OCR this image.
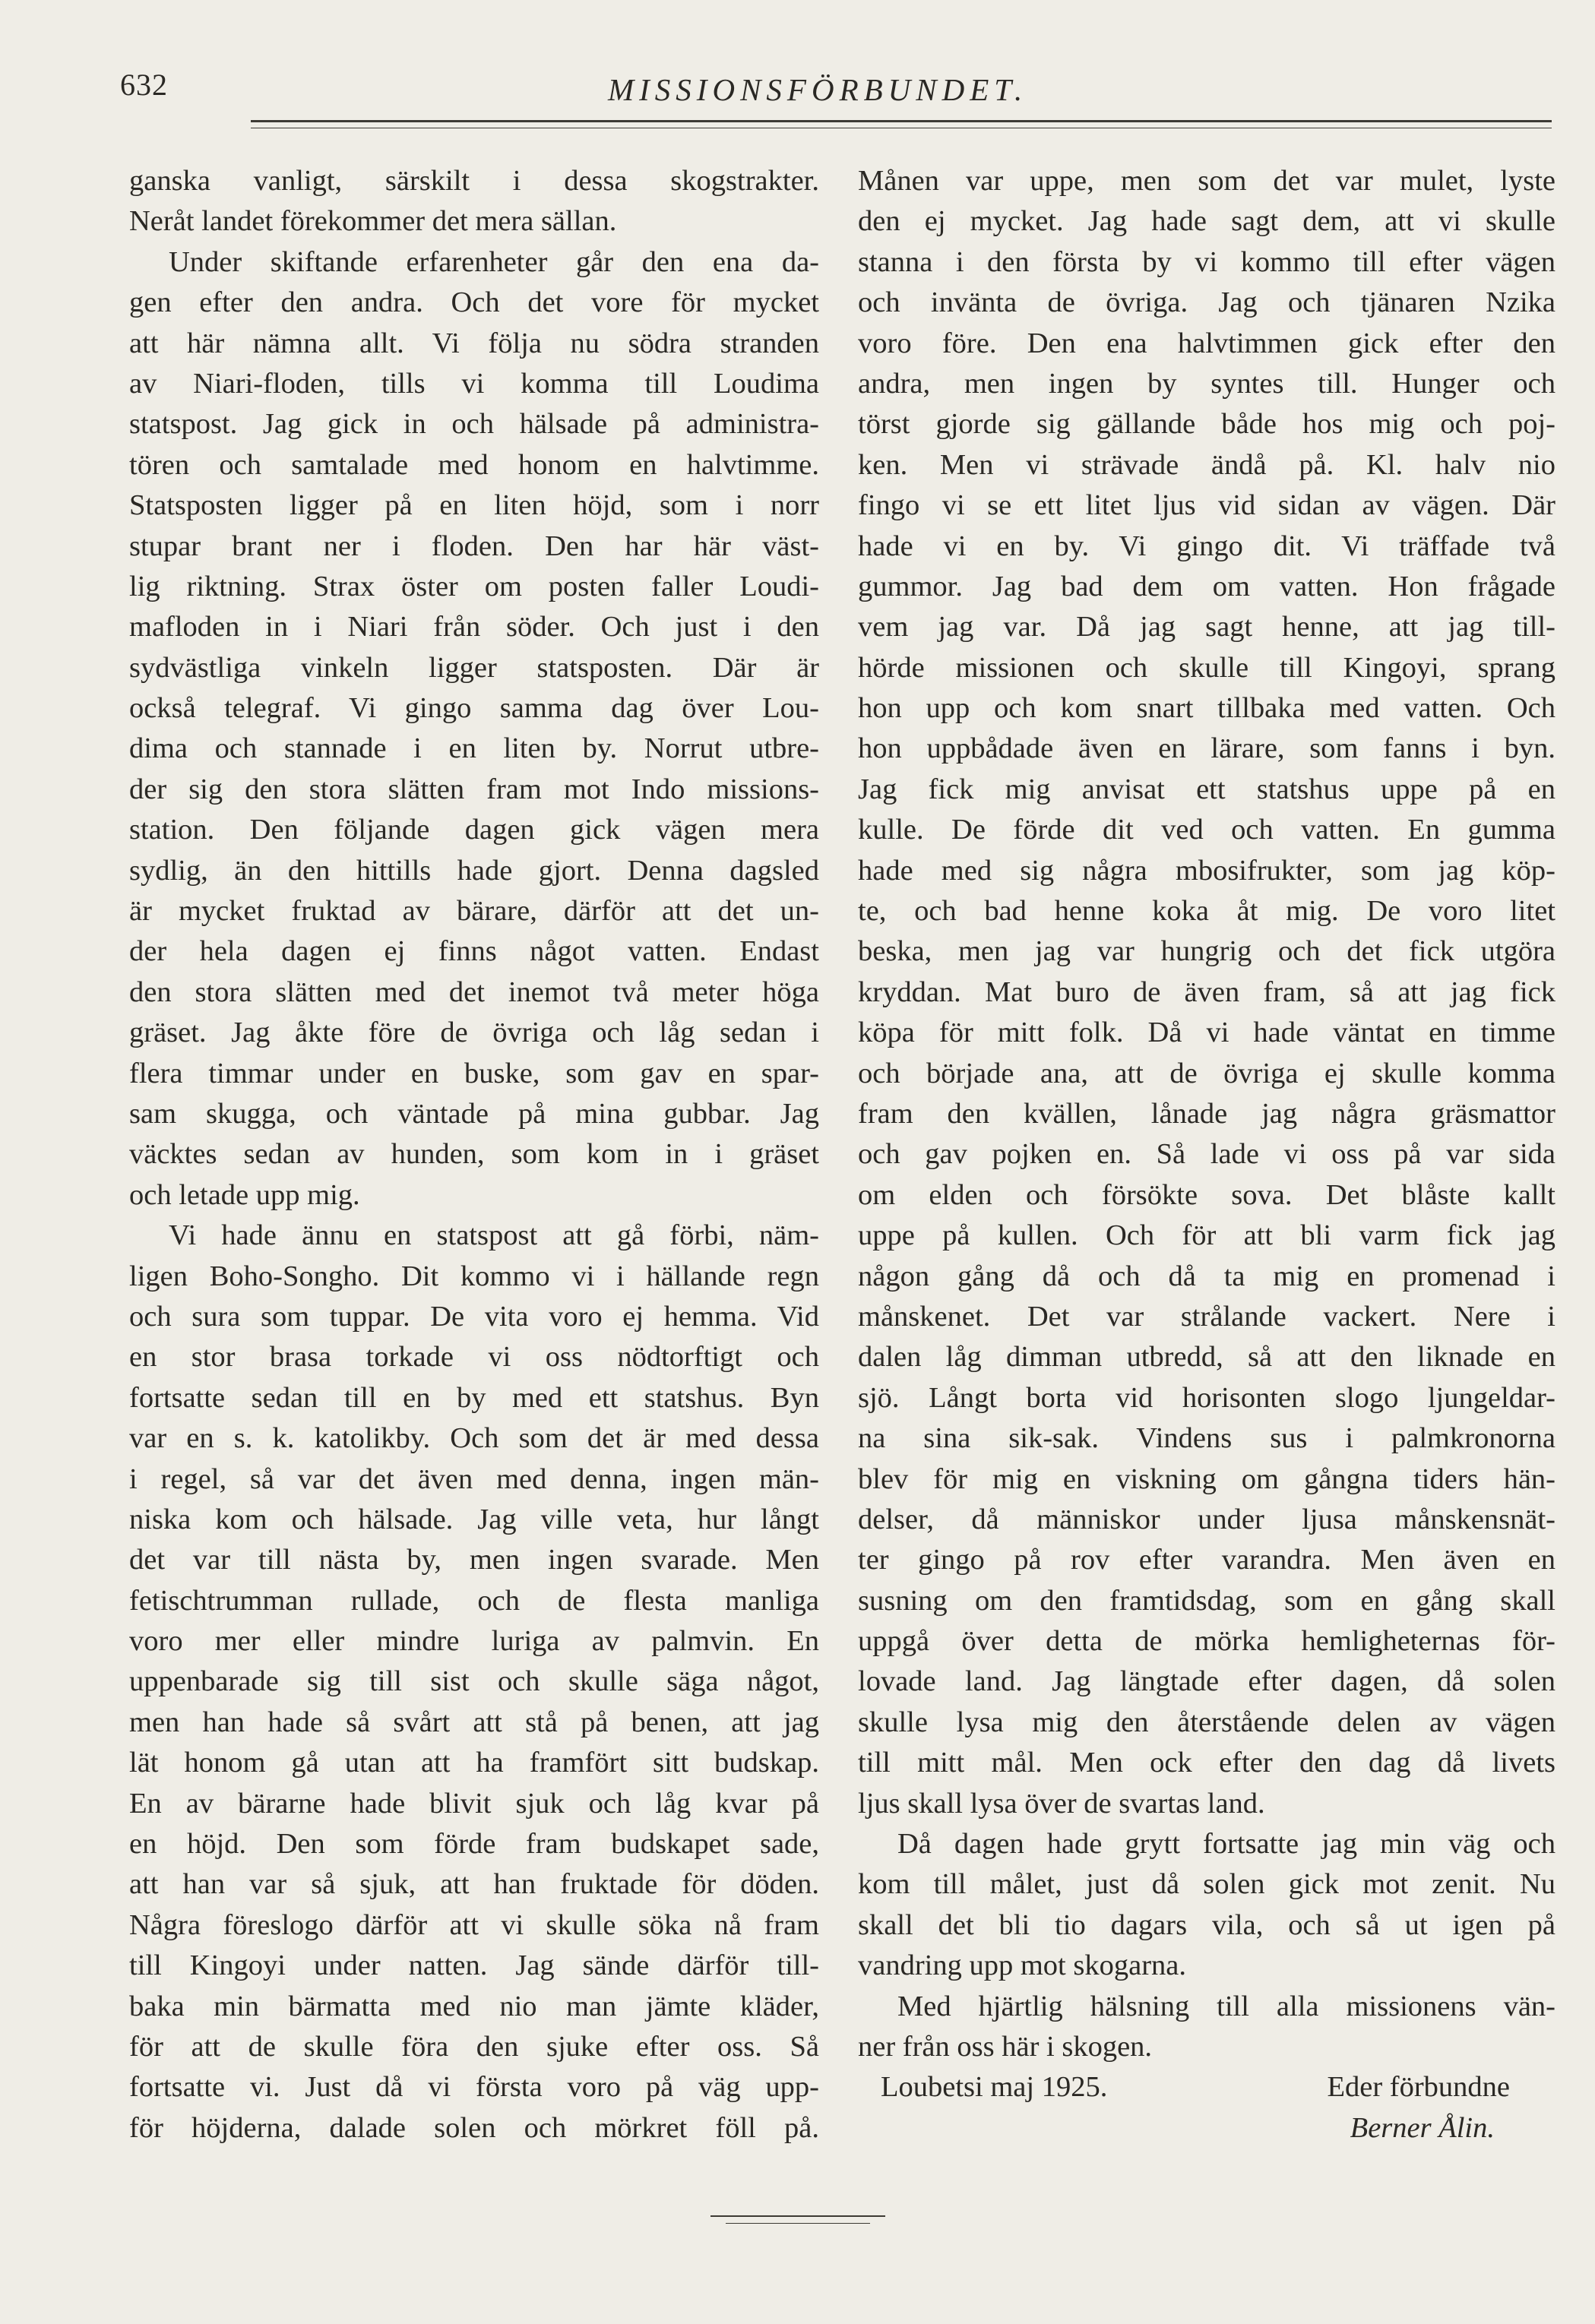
632	MISSIONSFÖRBUNDET.
ganska vanligt, särskilt i dessa skogstrakter.
Neråt landet förekommer det mera sällan.
Under skiftande erfarenheter går den ena da-
gen efter den andra. Och det vore för mycket
att här nämna allt. Vi följa nu södra stranden
av Niari-floden, tills vi komma till Loudima
statspost. Jag gick in och hälsade på administra-
tören och samtalade med honom en halvtimme.
Statsposten ligger på en liten höjd, som i norr
stupar brant ner i floden. Den har här väst-
lig riktning. Strax öster om posten faller Loudi-
mafloden in i Niari från söder. Och just i den
sydvästliga vinkeln ligger statsposten. Där är
också telegraf. Vi gingo samma dag över Lou-
dima och stannade i en liten by. Norrut utbre-
der sig den stora slätten fram mot Indo missions-
station. Den följande dagen gick vägen mera
sydlig, än den hittills hade gjort. Denna dagsled
är mycket fruktad av bärare, därför att det un-
der hela dagen ej finns något vatten. Endast
den stora slätten med det inemot två meter höga
gräset. Jag åkte före de övriga och låg sedan i
flera timmar under en buske, som gav en spar-
sam skugga, och väntade på mina gubbar. Jag
väcktes sedan av hunden, som kom in i gräset
och letade upp mig.
Vi hade ännu en statspost att gå förbi, näm-
ligen Boho-Songho. Dit kommo vi i hällande regn
och sura som tuppar. De vita voro ej hemma. Vid
en stor brasa torkade vi oss nödtorftigt och
fortsatte sedan till en by med ett statshus. Byn
var en s. k. katolikby. Och som det är med dessa
i regel, så var det även med denna, ingen män-
niska kom och hälsade. Jag ville veta, hur långt
det var till nästa by, men ingen svarade. Men
fetischtrumman rullade, och de flesta manliga
voro mer eller mindre luriga av palmvin. En
uppenbarade sig till sist och skulle säga något,
men han hade så svårt att stå på benen, att jag
lät honom gå utan att ha framfört sitt budskap.
En av bärarne hade blivit sjuk och låg kvar på
en höjd. Den som förde fram budskapet sade,
att han var så sjuk, att han fruktade för döden.
Några föreslogo därför att vi skulle söka nå fram
till Kingoyi under natten. Jag sände därför till-
baka min bärmatta med nio man jämte kläder,
för att de skulle föra den sjuke efter oss. Så
fortsatte vi. Just då vi första voro på väg upp-
för höjderna, dalade solen och mörkret föll på.
Månen var uppe, men som det var mulet, lyste
den ej mycket. Jag hade sagt dem, att vi skulle
stanna i den första by vi kommo till efter vägen
och invänta de övriga. Jag och tjänaren Nzika
voro före. Den ena halvtimmen gick efter den
andra, men ingen by syntes till. Hunger och
törst gjorde sig gällande både hos mig och poj-
ken. Men vi strävade ändå på. Kl. halv nio
fingo vi se ett litet ljus vid sidan av vägen. Där
hade vi en by. Vi gingo dit. Vi träffade två
gummor. Jag bad dem om vatten. Hon frågade
vem jag var. Då jag sagt henne, att jag till-
hörde missionen och skulle till Kingoyi, sprang
hon upp och kom snart tillbaka med vatten. Och
hon uppbådade även en lärare, som fanns i byn.
Jag fick mig anvisat ett statshus uppe på en
kulle. De förde dit ved och vatten. En gumma
hade med sig några mbosifrukter, som jag köp-
te, och bad henne koka åt mig. De voro litet
beska, men jag var hungrig och det fick utgöra
kryddan. Mat buro de även fram, så att jag fick
köpa för mitt folk. Då vi hade väntat en timme
och började ana, att de övriga ej skulle komma
fram den kvällen, lånade jag några gräsmattor
och gav pojken en. Så lade vi oss på var sida
om elden och försökte sova. Det blåste kallt
uppe på kullen. Och för att bli varm fick jag
någon gång då och då ta mig en promenad i
månskenet. Det var strålande vackert. Nere i
dalen låg dimman utbredd, så att den liknade en
sjö. Långt borta vid horisonten slogo ljungeldar-
na sina sik-sak. Vindens sus i palmkronorna
blev för mig en viskning om gångna tiders hän-
delser, då människor under ljusa månskensnät-
ter gingo på rov efter varandra. Men även en
susning om den framtidsdag, som en gång skall
uppgå över detta de mörka hemligheternas för-
lovade land. Jag längtade efter dagen, då solen
skulle lysa mig den återstående delen av vägen
till mitt mål. Men ock efter den dag då livets
ljus skall lysa över de svartas land.
Då dagen hade grytt fortsatte jag min väg och
kom till målet, just då solen gick mot zenit. Nu
skall det bli tio dagars vila, och så ut igen på
vandring upp mot skogarna.
Med hjärtlig hälsning till alla missionens vän-
ner från oss här i skogen.
Loubetsi maj 1925.	Eder förbundne
Berner Ålin.
